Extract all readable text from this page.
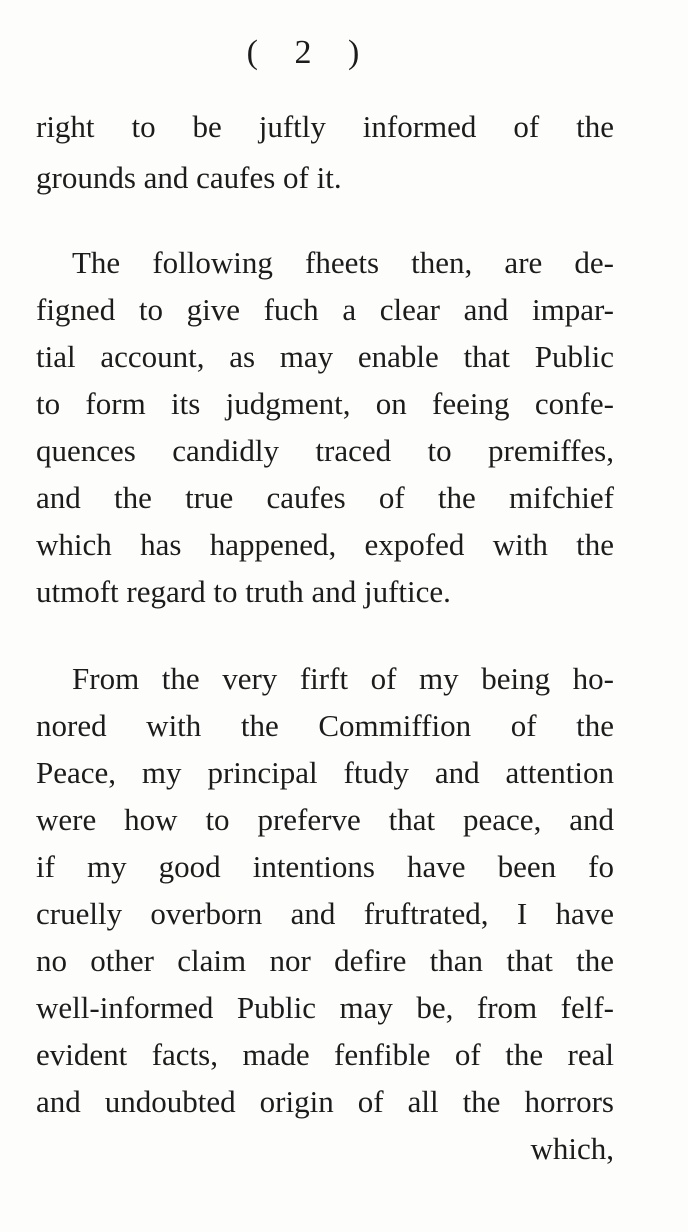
( 2 )
right to be juftly informed of the
grounds and caufes of it.
The following fheets then, are de-
figned to give fuch a clear and impar-
tial account, as may enable that Public
to form its judgment, on feeing confe-
quences candidly traced to premiffes,
and the true caufes of the mifchief
which has happened, expofed with the
utmoft regard to truth and juftice.
From the very firft of my being ho-
nored with the Commiffion of the
Peace, my principal ftudy and attention
were how to preferve that peace, and
if my good intentions have been fo
cruelly overborn and fruftrated, I have
no other claim nor defire than that the
well-informed Public may be, from felf-
evident facts, made fenfible of the real
and undoubted origin of all the horrors
which,
